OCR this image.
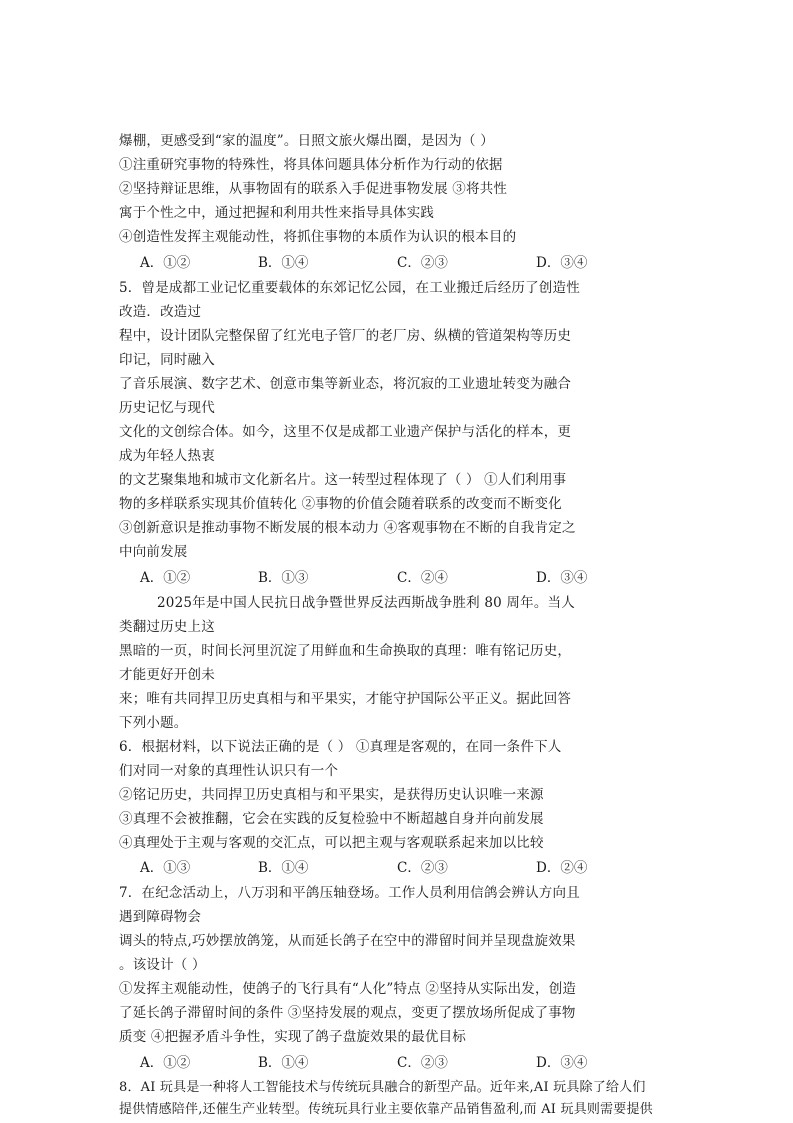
爆棚，更感受到“家的温度”。日照文旅火爆出圈，是因为（ ）
①注重研究事物的特殊性，将具体问题具体分析作为行动的依据
②坚持辩证思维，从事物固有的联系入手促进事物发展 ③将共性
寓于个性之中，通过把握和利用共性来指导具体实践
④创造性发挥主观能动性，将抓住事物的本质作为认识的根本目的
A．①②	B．①④	C．②③	D．③④
5．曾是成都工业记忆重要载体的东郊记忆公园，在工业搬迁后经历了创造性
改造．改造过
程中，设计团队完整保留了红光电子管厂的老厂房、纵横的管道架构等历史
印记，同时融入
了音乐展演、数字艺术、创意市集等新业态，将沉寂的工业遗址转变为融合
历史记忆与现代
文化的文创综合体。如今，这里不仅是成都工业遗产保护与活化的样本，更
成为年轻人热衷
的文艺聚集地和城市文化新名片。这一转型过程体现了（ ） ①人们利用事
物的多样联系实现其价值转化 ②事物的价值会随着联系的改变而不断变化
③创新意识是推动事物不断发展的根本动力 ④客观事物在不断的自我肯定之
中向前发展
A．①②	B．①③	C．②④	D．③④
2025年是中国人民抗日战争暨世界反法西斯战争胜利 80 周年。当人
类翻过历史上这
黑暗的一页，时间长河里沉淀了用鲜血和生命换取的真理：唯有铭记历史，
才能更好开创未
来；唯有共同捍卫历史真相与和平果实，才能守护国际公平正义。据此回答
下列小题。
6．根据材料，以下说法正确的是（ ） ①真理是客观的，在同一条件下人
们对同一对象的真理性认识只有一个
②铭记历史，共同捍卫历史真相与和平果实，是获得历史认识唯一来源
③真理不会被推翻，它会在实践的反复检验中不断超越自身并向前发展
④真理处于主观与客观的交汇点，可以把主观与客观联系起来加以比较
A．①③	B．①④	C．②③	D．②④
7．在纪念活动上，八万羽和平鸽压轴登场。工作人员利用信鸽会辨认方向且
遇到障碍物会
调头的特点,巧妙摆放鸽笼，从而延长鸽子在空中的滞留时间并呈现盘旋效果
。该设计（ ）
①发挥主观能动性，使鸽子的飞行具有“人化”特点 ②坚持从实际出发，创造
了延长鸽子滞留时间的条件 ③坚持发展的观点，变更了摆放场所促成了事物
质变 ④把握矛盾斗争性，实现了鸽子盘旋效果的最优目标
A．①②	B．①④	C．②③	D．③④
8．AI 玩具是一种将人工智能技术与传统玩具融合的新型产品。近年来,AI 玩具除了给人们
提供情感陪伴,还催生产业转型。传统玩具行业主要依靠产品销售盈利,而 AI 玩具则需要提供
